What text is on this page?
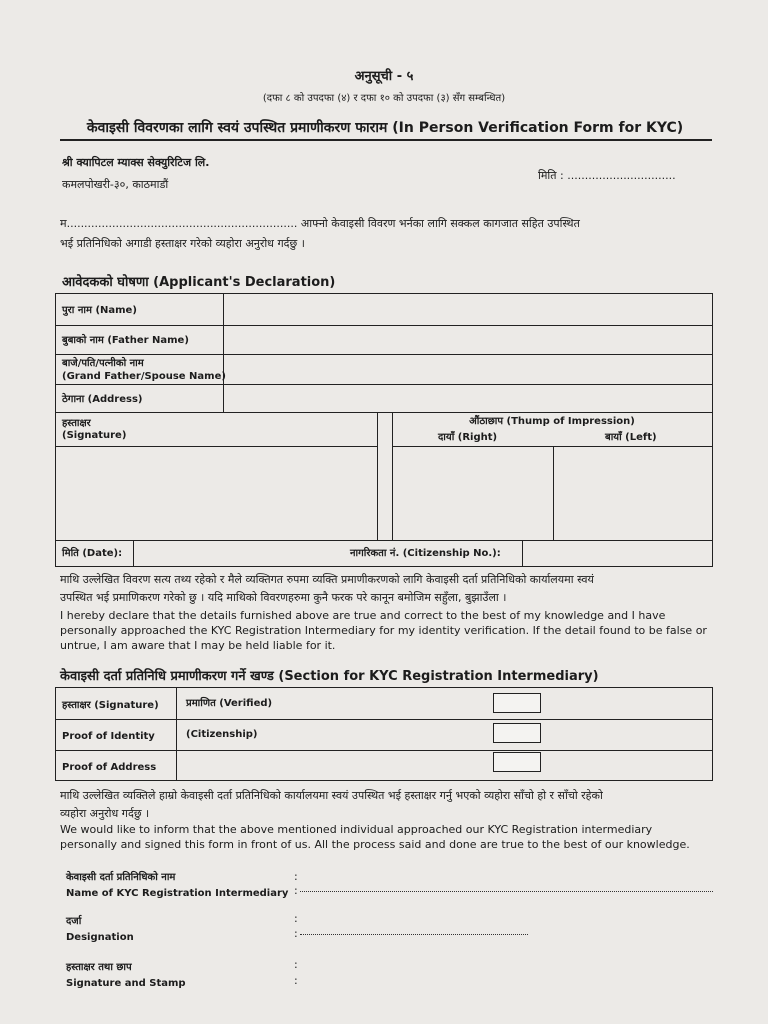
अनुसूची - ५
(दफा ८ को उपदफा (४) र दफा १० को उपदफा (३) सँग सम्बन्धित)
केवाइसी विवरणका लागि स्वयं उपस्थित प्रमाणीकरण फाराम (In Person Verification Form for KYC)
श्री क्यापिटल म्याक्स सेक्युरिटिज लि.
मिति : ...............................
कमलपोखरी-३०, काठमाडौं
म.................................................................. आफ्नो केवाइसी विवरण भर्नका लागि सक्कल कागजात सहित उपस्थित
भई प्रतिनिधिको अगाडी हस्ताक्षर गरेको व्यहोरा अनुरोध गर्दछु ।
आवेदकको घोषणा (Applicant's Declaration)
पुरा नाम (Name)
बुबाको नाम (Father Name)
बाजे/पति/पत्नीको नाम
(Grand Father/Spouse Name)
ठेगाना (Address)
हस्ताक्षर
(Signature)
औंठाछाप (Thump of Impression)
दायाँ (Right)	बायाँ (Left)
मिति (Date):	नागरिकता नं. (Citizenship No.):
माथि उल्लेखित विवरण सत्य तथ्य रहेको र मैले व्यक्तिगत रुपमा व्यक्ति प्रमाणीकरणको लागि केवाइसी दर्ता प्रतिनिधिको कार्यालयमा स्वयं
उपस्थित भई प्रमाणिकरण गरेको छु । यदि माथिको विवरणहरुमा कुनै फरक परे कानून बमोजिम सहुँला, बुझाउँला ।
I hereby declare that the details furnished above are true and correct to the best of my knowledge and I have
personally approached the KYC Registration Intermediary for my identity verification. If the detail found to be false or
untrue, I am aware that I may be held liable for it.
केवाइसी दर्ता प्रतिनिधि प्रमाणीकरण गर्ने खण्ड (Section for KYC Registration Intermediary)
हस्ताक्षर (Signature)	प्रमाणित (Verified)
Proof of Identity	(Citizenship)
Proof of Address
माथि उल्लेखित व्यक्तिले हाम्रो केवाइसी दर्ता प्रतिनिधिको कार्यालयमा स्वयं उपस्थित भई हस्ताक्षर गर्नु भएको व्यहोरा साँचो हो र साँचो रहेको
व्यहोरा अनुरोध गर्दछु ।
We would like to inform that the above mentioned individual approached our KYC Registration intermediary
personally and signed this form in front of us. All the process said and done are true to the best of our knowledge.
केवाइसी दर्ता प्रतिनिधिको नाम
Name of KYC Registration Intermediary
:
:
दर्जा
Designation
:
:
हस्ताक्षर तथा छाप
Signature and Stamp
:
:
